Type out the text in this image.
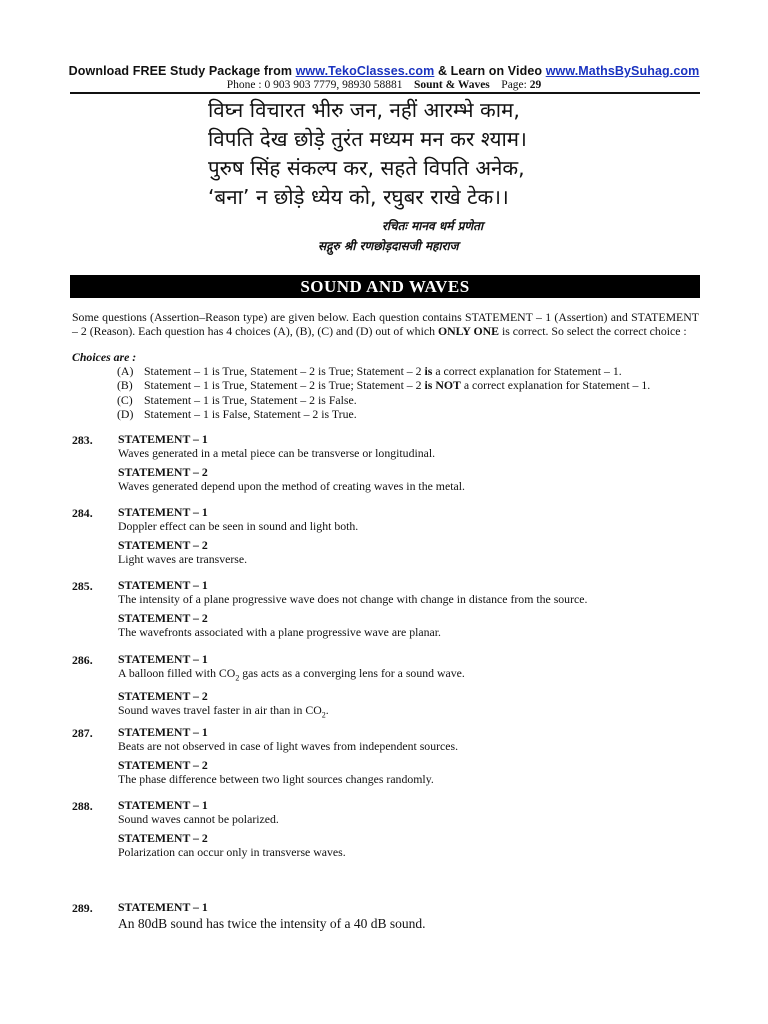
Download FREE Study Package from www.TekoClasses.com & Learn on Video www.MathsBySuhag.com
Phone : 0 903 903 7779, 98930 58881 Sount & Waves Page: 29
विघ्न विचारत भीरु जन, नहीं आरम्भे काम,
विपति देख छोड़े तुरंत मध्यम मन कर श्याम।
पुरुष सिंह संकल्प कर, सहते विपति अनेक,
‘बना’ न छोड़े ध्येय को, रघुबर राखे टेक।।
रचितः मानव धर्म प्रणेता
सद्गुरु श्री रणछोड़दासजी महाराज
SOUND AND WAVES
Some questions (Assertion–Reason type) are given below. Each question contains STATEMENT – 1 (Assertion) and STATEMENT – 2 (Reason). Each question has 4 choices (A), (B), (C) and (D) out of which ONLY ONE is correct. So select the correct choice :
Choices are :
(A) Statement – 1 is True, Statement – 2 is True; Statement – 2 is a correct explanation for Statement – 1.
(B) Statement – 1 is True, Statement – 2 is True; Statement – 2 is NOT a correct explanation for Statement – 1.
(C) Statement – 1 is True, Statement – 2 is False.
(D) Statement – 1 is False, Statement – 2 is True.
283. STATEMENT – 1
Waves generated in a metal piece can be transverse or longitudinal.
STATEMENT – 2
Waves generated depend upon the method of creating waves in the metal.
284. STATEMENT – 1
Doppler effect can be seen in sound and light both.
STATEMENT – 2
Light waves are transverse.
285. STATEMENT – 1
The intensity of a plane progressive wave does not change with change in distance from the source.
STATEMENT – 2
The wavefronts associated with a plane progressive wave are planar.
286. STATEMENT – 1
A balloon filled with $CO_2$ gas acts as a converging lens for a sound wave.
STATEMENT – 2
Sound waves travel faster in air than in $CO_2$.
287. STATEMENT – 1
Beats are not observed in case of light waves from independent sources.
STATEMENT – 2
The phase difference between two light sources changes randomly.
288. STATEMENT – 1
Sound waves cannot be polarized.
STATEMENT – 2
Polarization can occur only in transverse waves.
289. STATEMENT – 1
An 80dB sound has twice the intensity of a 40 dB sound.
